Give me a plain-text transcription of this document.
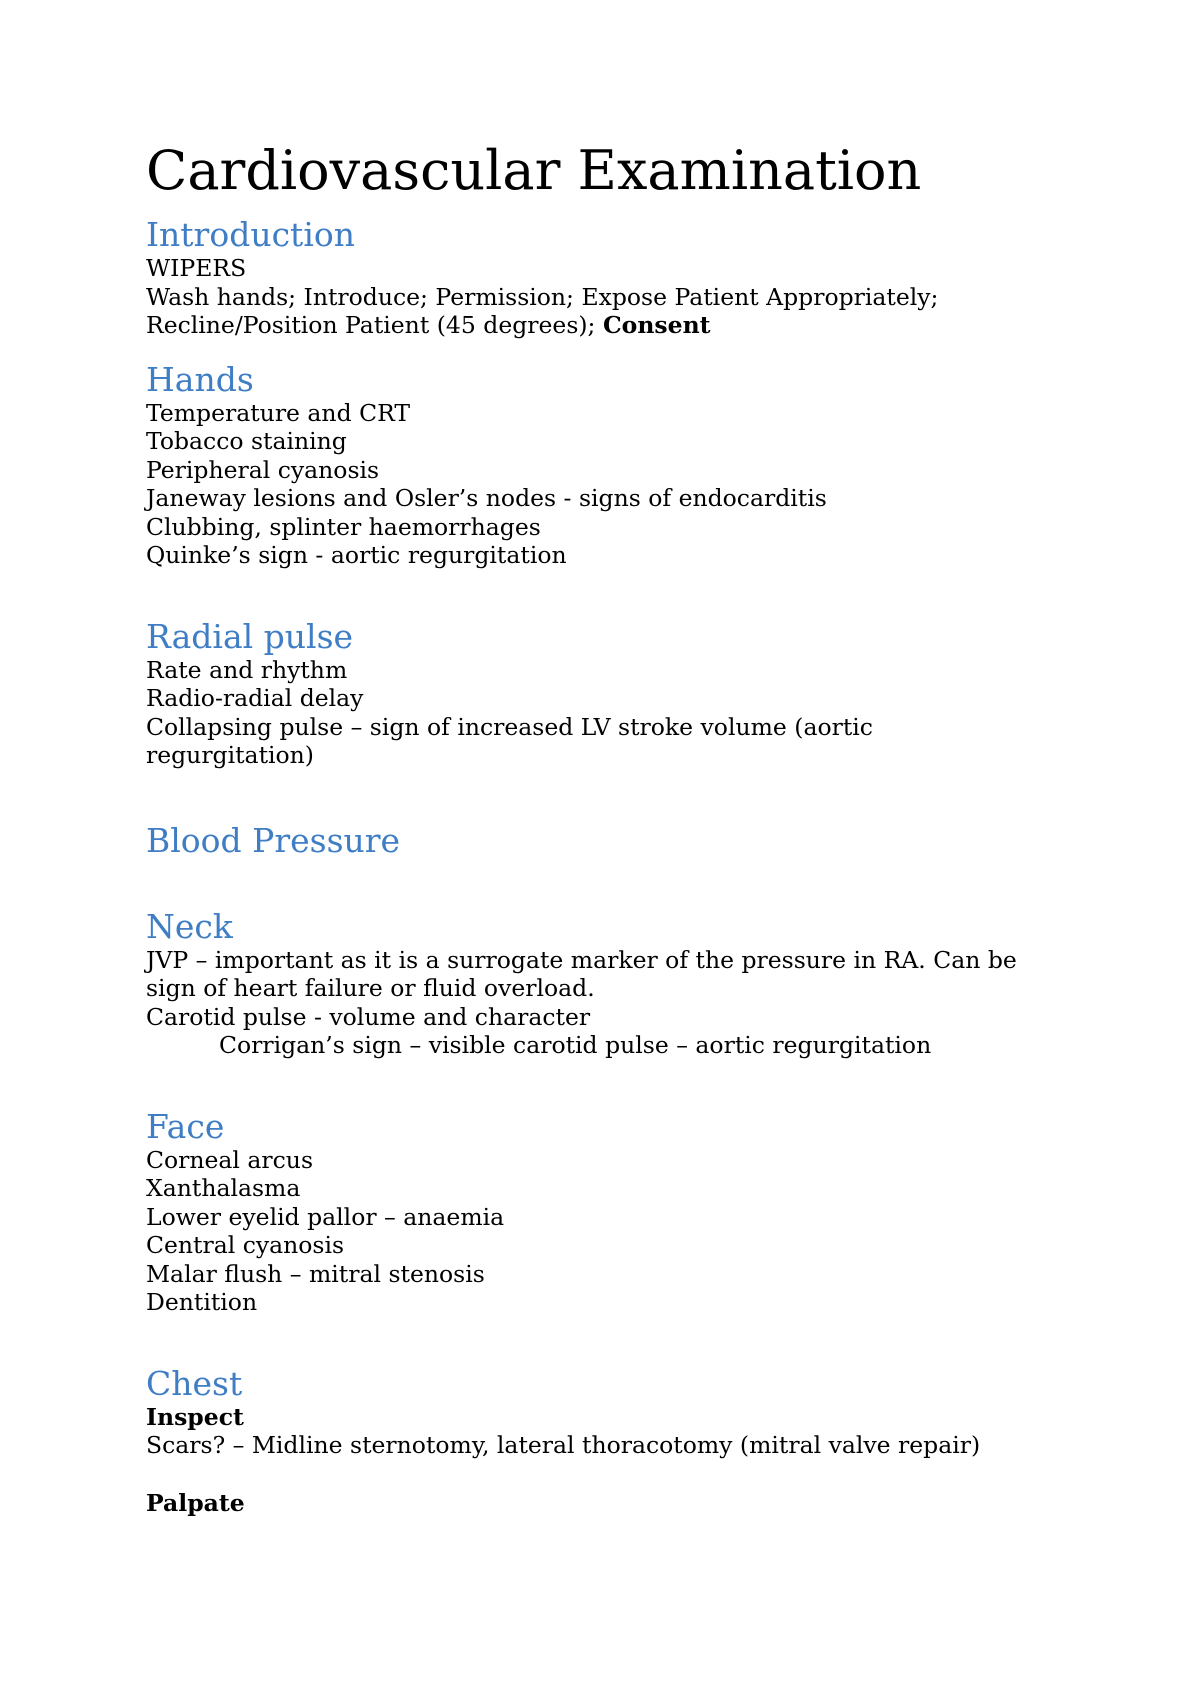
Cardiovascular Examination
Introduction

WIPERS

Wash hands; Introduce; Permission; Expose Patient Appropriately;

Recline/Position Patient (45 degrees); Consent

Hands

Temperature and CRT

Tobacco staining

Peripheral cyanosis

Janeway lesions and Osler’s nodes - signs of endocarditis

Clubbing, splinter haemorrhages

Quinke’s sign - aortic regurgitation

Radial pulse

Rate and rhythm

Radio-radial delay

Collapsing pulse – sign of increased LV stroke volume (aortic

regurgitation)

Blood Pressure
Neck

JVP – important as it is a surrogate marker of the pressure in RA. Can be

sign of heart failure or fluid overload.

Carotid pulse - volume and character

Corrigan’s sign – visible carotid pulse – aortic regurgitation

Face

Corneal arcus

Xanthalasma

Lower eyelid pallor – anaemia

Central cyanosis

Malar flush – mitral stenosis

Dentition

Chest

Inspect

Scars? – Midline sternotomy, lateral thoracotomy (mitral valve repair)

Palpate
